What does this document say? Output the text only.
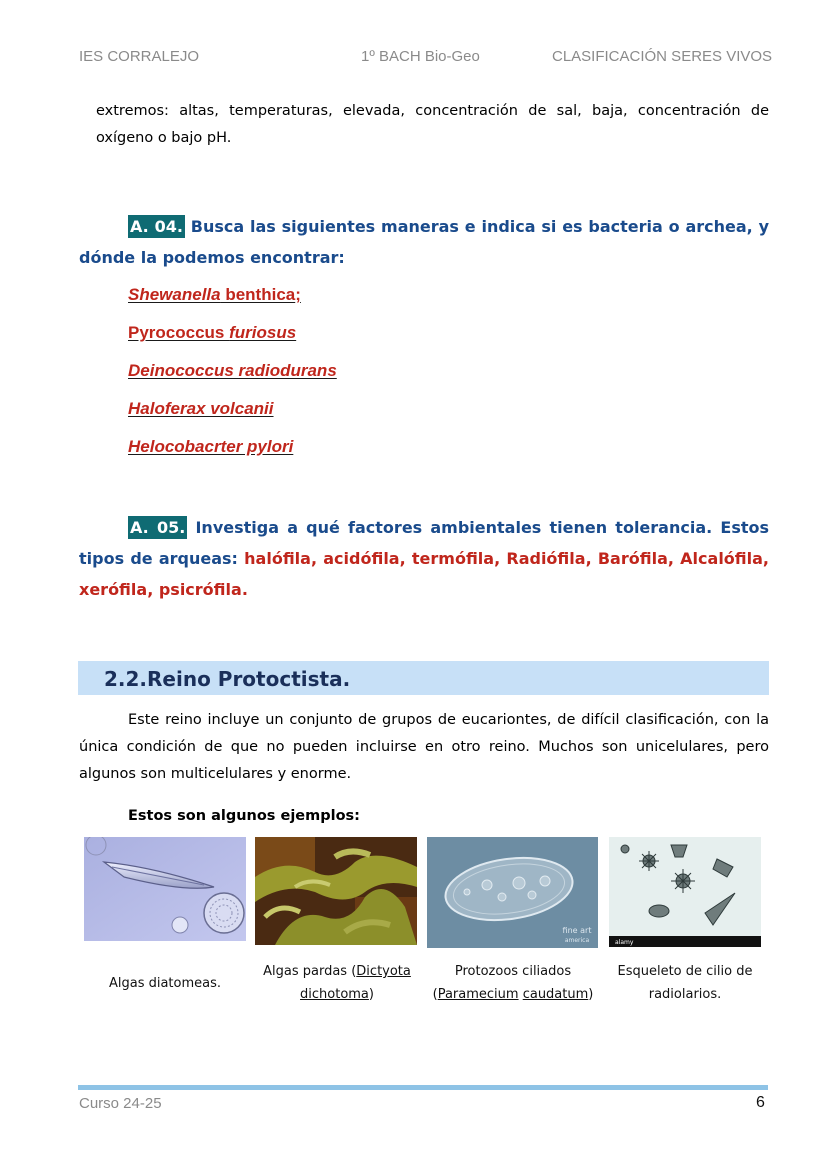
IES CORRALEJO	1º BACH Bio-Geo	CLASIFICACIÓN SERES VIVOS
extremos: altas, temperaturas, elevada, concentración de sal, baja, concentración de oxígeno o bajo pH.
A. 04. Busca las siguientes maneras e indica si es bacteria o archea, y dónde la podemos encontrar:
Shewanella benthica;
Pyrococcus furiosus
Deinococcus radiodurans
Haloferax volcanii
Helocobacrter pylori
A. 05. Investiga a qué factores ambientales tienen tolerancia. Estos tipos de arqueas: halófila, acidófila, termófila, Radiófila, Barófila, Alcalófila, xerófila, psicrófila.
2.2.Reino Protoctista.
Este reino incluye un conjunto de grupos de eucariontes, de difícil clasificación, con la única condición de que no pueden incluirse en otro reino. Muchos son unicelulares, pero algunos son multicelulares y enorme.
Estos son algunos ejemplos:
fine art
america	alamy
Algas diatomeas.
Algas pardas (Dictyota
dichotoma)
Protozoos ciliados
(Paramecium caudatum)
Esqueleto de cilio de
radiolarios.
Curso 24-25	6
